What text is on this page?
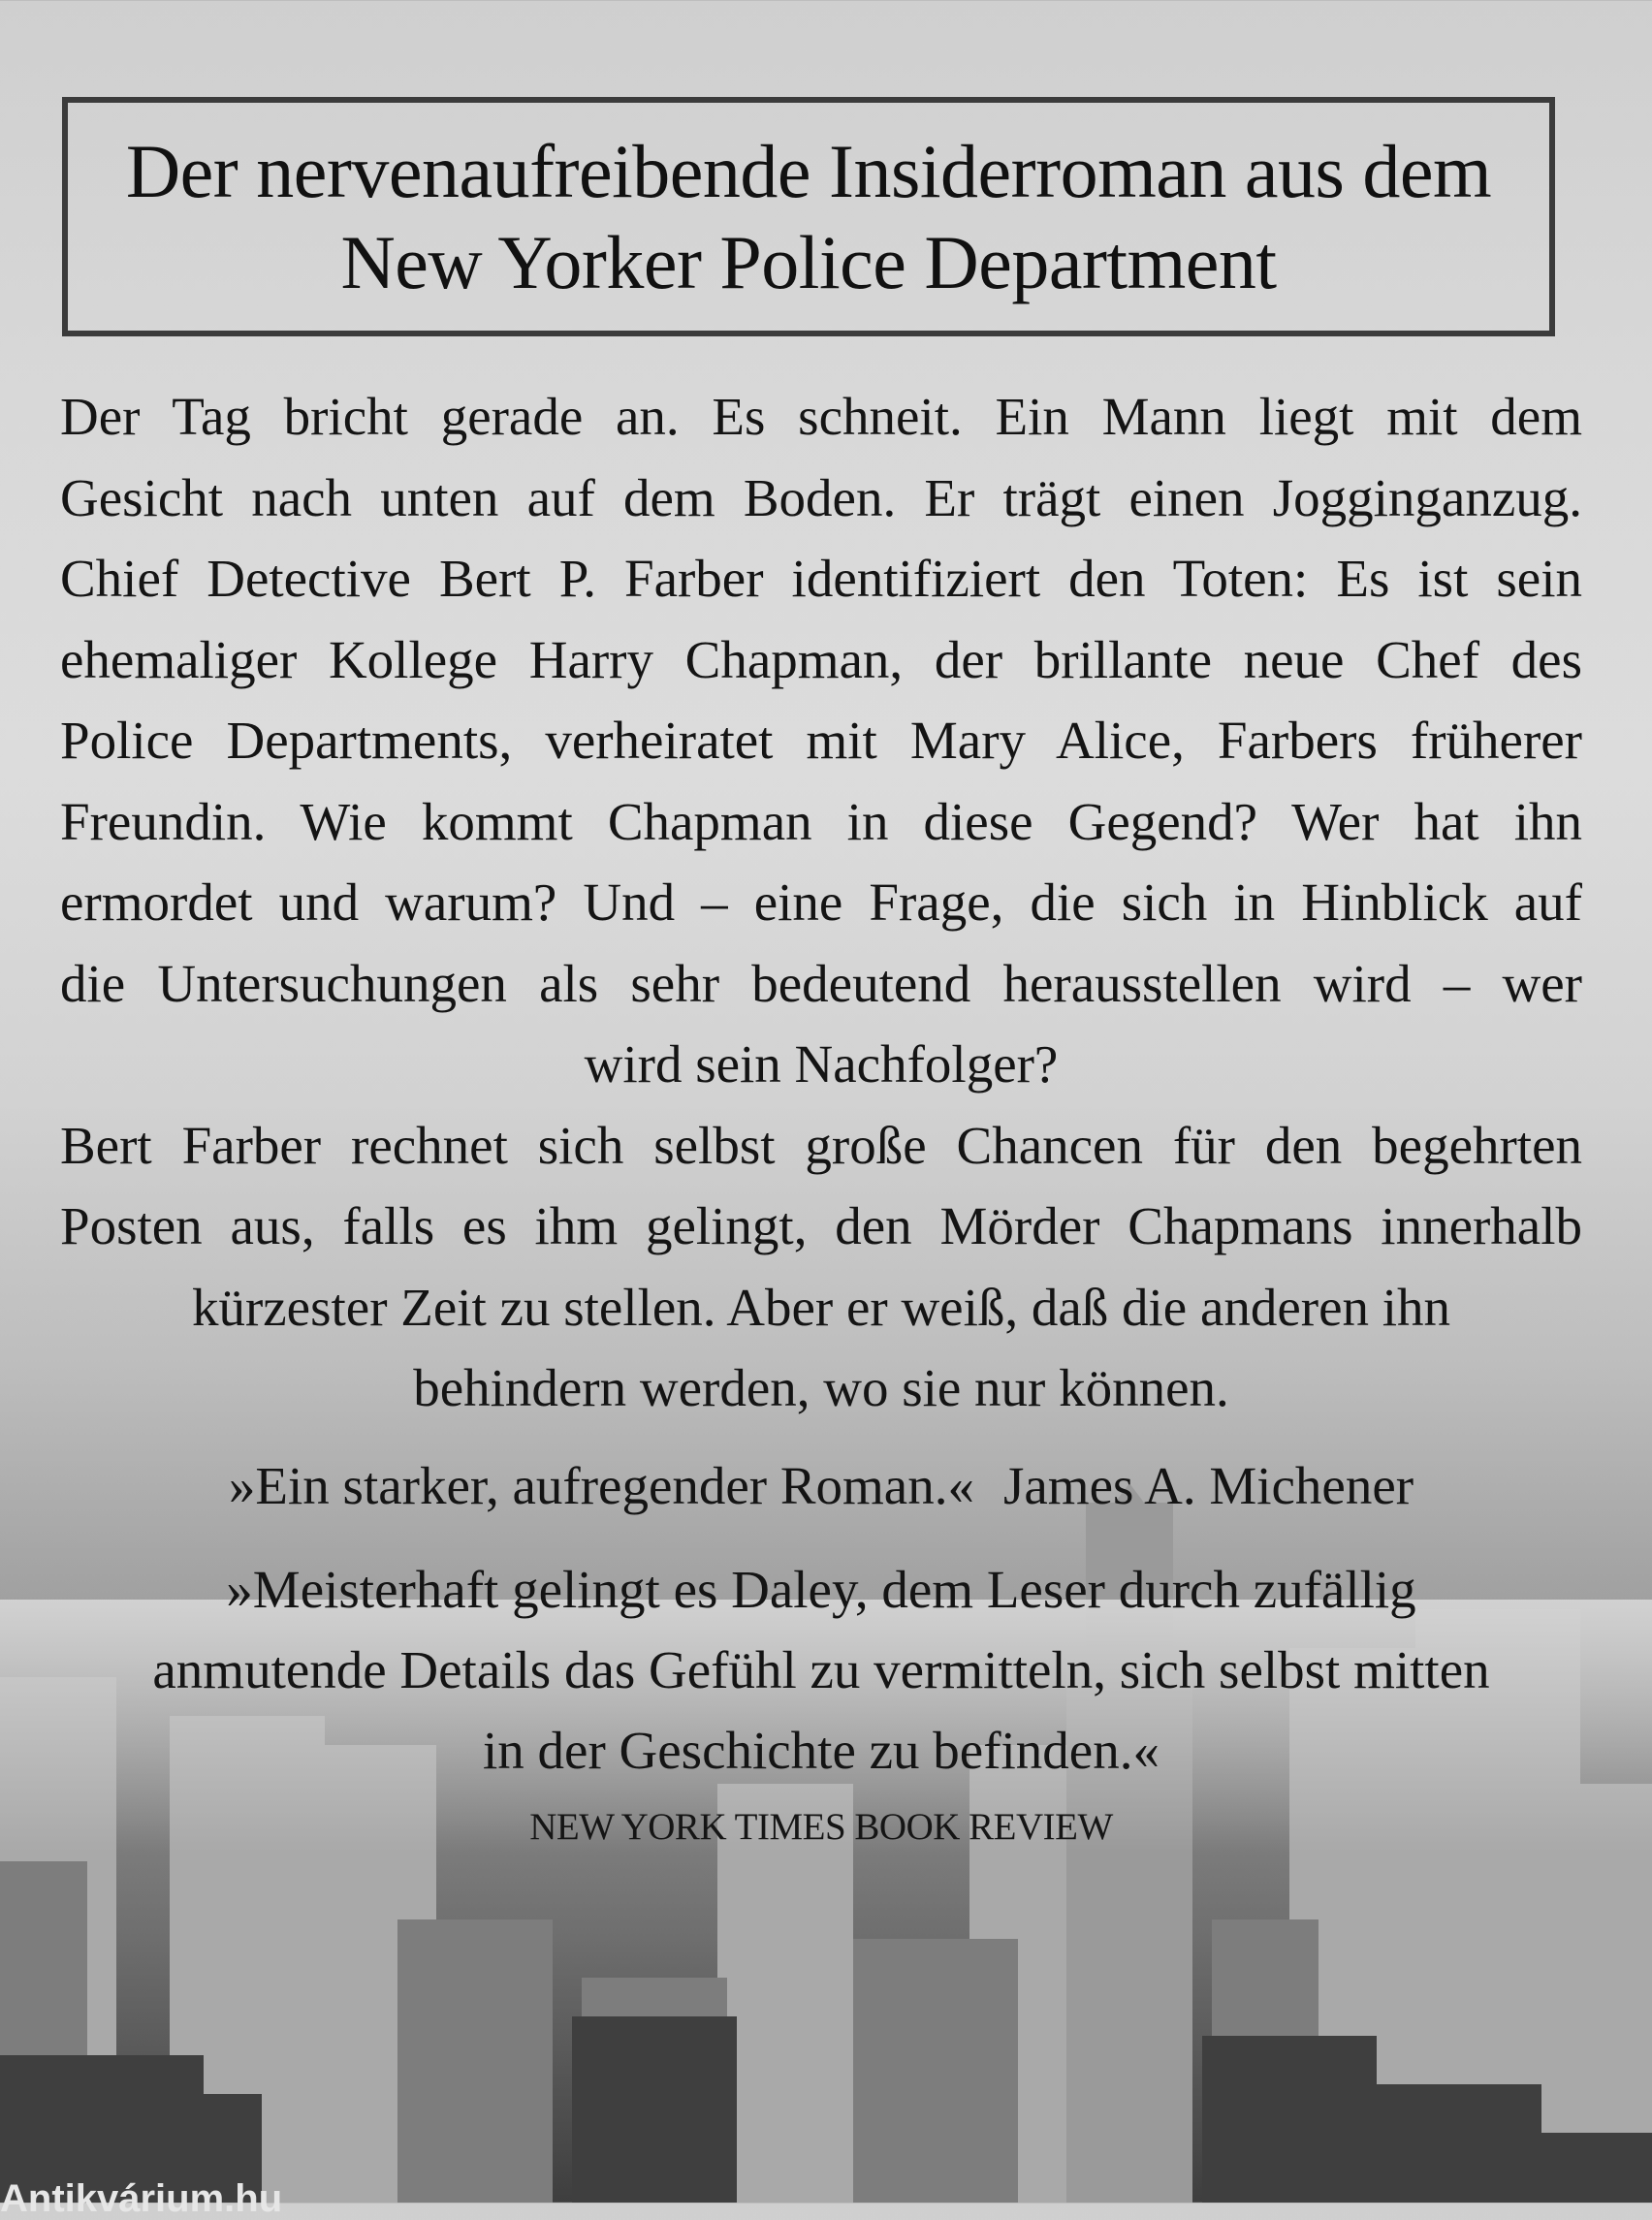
Der nervenaufreibende Insiderroman aus dem
New Yorker Police Department
Der Tag bricht gerade an. Es schneit. Ein Mann liegt mit dem
Gesicht nach unten auf dem Boden. Er trägt einen Jogginganzug.
Chief Detective Bert P. Farber identifiziert den Toten: Es ist sein
ehemaliger Kollege Harry Chapman, der brillante neue Chef des
Police Departments, verheiratet mit Mary Alice, Farbers früherer
Freundin. Wie kommt Chapman in diese Gegend? Wer hat ihn
ermordet und warum? Und – eine Frage, die sich in Hinblick auf
die Untersuchungen als sehr bedeutend herausstellen wird – wer
wird sein Nachfolger?
Bert Farber rechnet sich selbst große Chancen für den begehrten
Posten aus, falls es ihm gelingt, den Mörder Chapmans innerhalb
kürzester Zeit zu stellen. Aber er weiß, daß die anderen ihn
behindern werden, wo sie nur können.
»Ein starker, aufregender Roman.« James A. Michener
»Meisterhaft gelingt es Daley, dem Leser durch zufällig
anmutende Details das Gefühl zu vermitteln, sich selbst mitten
in der Geschichte zu befinden.«
NEW YORK TIMES BOOK REVIEW
Antikvárium.hu
